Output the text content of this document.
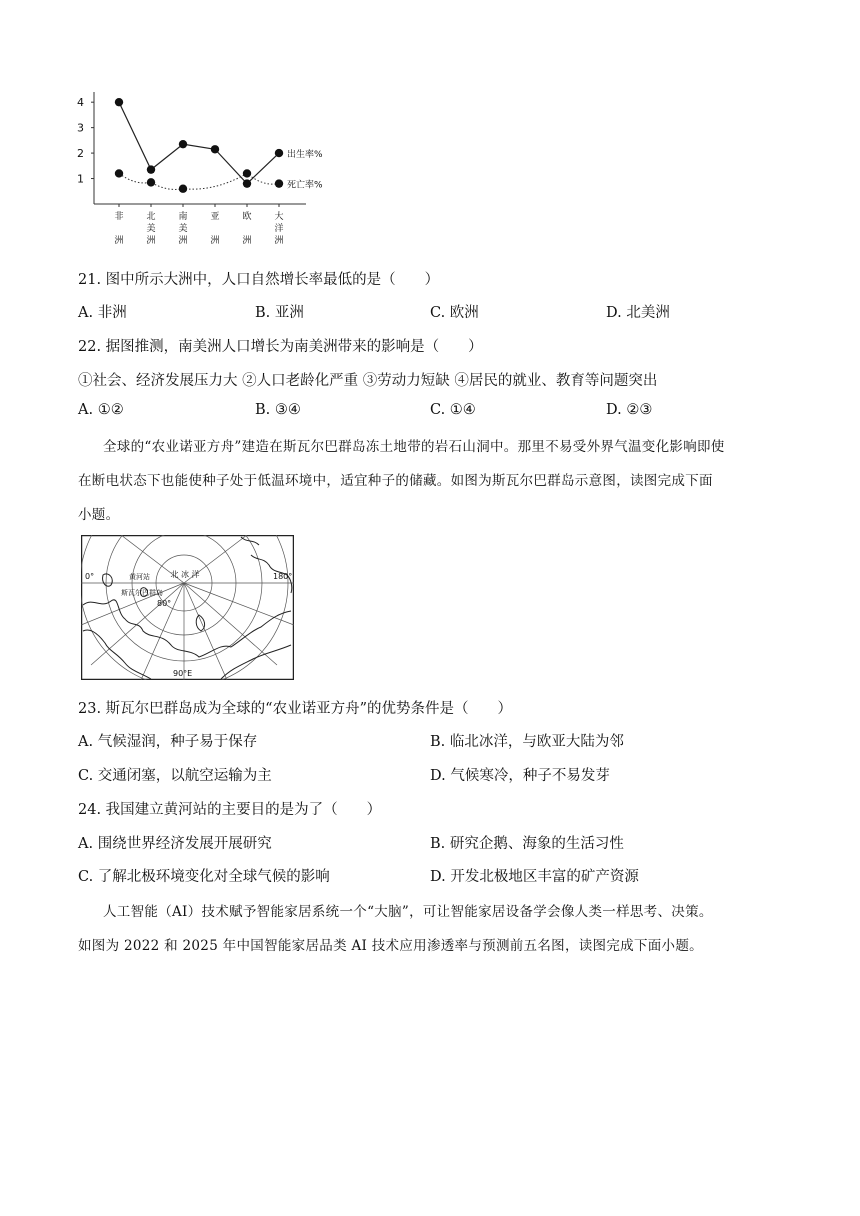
1
2
3
4
非
洲
北
美
洲
南
美
洲
亚
洲
欧
洲
大
洋
洲
出生率%
死亡率%
21. 图中所示大洲中，人口自然增长率最低的是（　　）
A. 非洲	B. 亚洲	C. 欧洲	D. 北美洲
22. 据图推测，南美洲人口增长为南美洲带来的影响是（　　）
①社会、经济发展压力大 ②人口老龄化严重 ③劳动力短缺 ④居民的就业、教育等问题突出
A. ①②	B. ③④	C. ①④	D. ②③
全球的“农业诺亚方舟”建造在斯瓦尔巴群岛冻土地带的岩石山洞中。那里不易受外界气温变化影响即使
在断电状态下也能使种子处于低温环境中，适宜种子的储藏。如图为斯瓦尔巴群岛示意图，读图完成下面
小题。
北 冰 洋
0°	180°
黄河站
斯瓦尔巴群岛
80°
90°E
23. 斯瓦尔巴群岛成为全球的“农业诺亚方舟”的优势条件是（　　）
A. 气候湿润，种子易于保存	B. 临北冰洋，与欧亚大陆为邻
C. 交通闭塞，以航空运输为主	D. 气候寒冷，种子不易发芽
24. 我国建立黄河站的主要目的是为了（　　）
A. 围绕世界经济发展开展研究	B. 研究企鹅、海象的生活习性
C. 了解北极环境变化对全球气候的影响	D. 开发北极地区丰富的矿产资源
人工智能（AI）技术赋予智能家居系统一个“大脑”，可让智能家居设备学会像人类一样思考、决策。
如图为 2022 和 2025 年中国智能家居品类 AI 技术应用渗透率与预测前五名图，读图完成下面小题。
